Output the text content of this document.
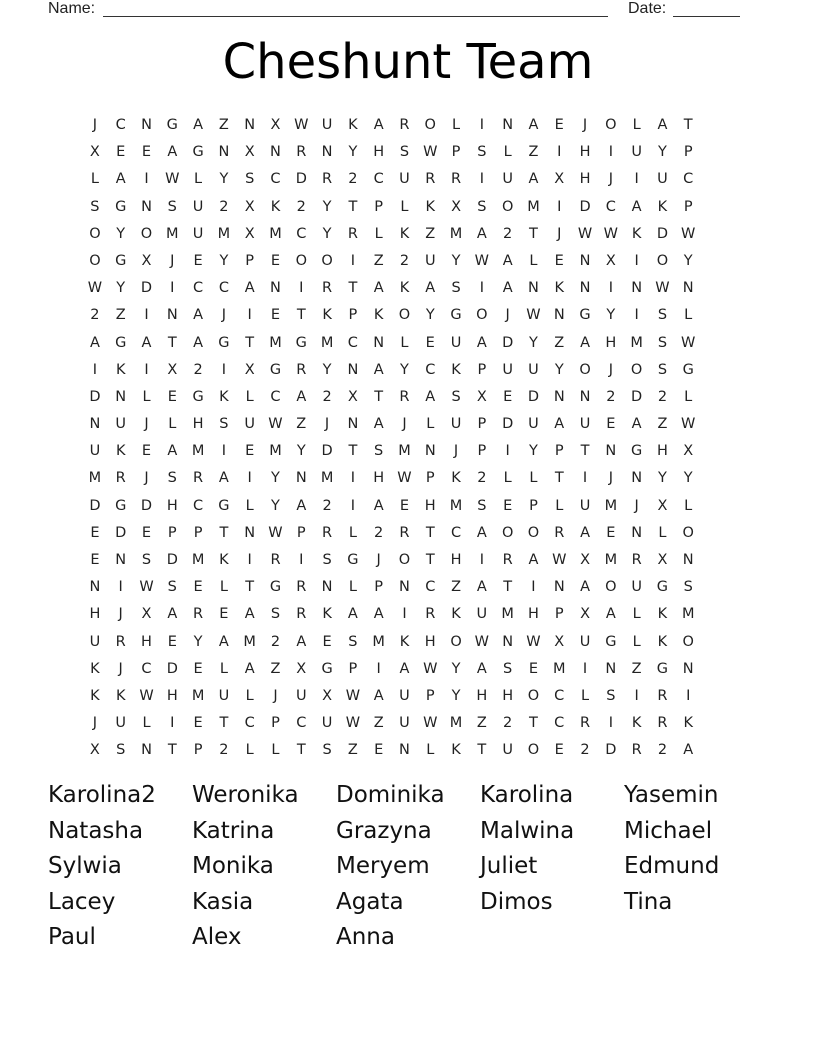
Name:	Date:
Cheshunt Team
J	C	N	G	A	Z	N	X W U	K	A	R	O	L	I	N	A	E	J	O	L	A	T
X	E	E	A	G	N	X	N	R	N	Y	H	S W P	S	L	Z	I	H	I	U	Y	P
L	A	I	W	L	Y	S	C	D	R	2	C	U	R	R	I	U	A	X	H	J	I	U	C
S	G	N	S	U	2	X	K	2	Y	T	P	L	K	X	S	O M	I	D	C	A	K	P
O	Y	O M U M	X	M C	Y	R	L	K	Z	M	A	2	T	J	W W K	D W
O G	X	J	E	Y	P	E	O O	I	Z	2	U	Y W A	L	E	N	X	I	O	Y
W Y	D	I	C	C	A	N	I	R	T	A	K	A	S	I	A	N	K	N	I	N W N
2	Z	I	N	A	J	I	E	T	K	P	K	O	Y	G O	J	W N	G	Y	I	S	L
A	G	A	T	A	G	T	M G M C	N	L	E	U	A	D	Y	Z	A	H M	S W
I	K	I	X	2	I	X	G	R	Y	N	A	Y	C	K	P	U	U	Y	O	J	O	S	G
D	N	L	E	G	K	L	C	A	2	X	T	R	A	S	X	E	D	N	N	2	D	2	L
N	U	J	L	H	S	U W Z	J	N	A	J	L	U	P	D	U	A	U	E	A	Z W
U	K	E	A	M	I	E	M	Y	D	T	S	M N	J	P	I	Y	P	T	N	G	H	X
M	R	J	S	R	A	I	Y	N M	I	H W P	K	2	L	L	T	I	J	N	Y	Y
D	G	D	H	C	G	L	Y	A	2	I	A	E	H M	S	E	P	L	U M	J	X	L
E	D	E	P	P	T	N W P	R	L	2	R	T	C	A	O O	R	A	E	N	L	O
E	N	S	D M	K	I	R	I	S	G	J	O	T	H	I	R	A W X	M	R	X	N
N	I	W S	E	L	T	G	R	N	L	P	N	C	Z	A	T	I	N	A	O	U	G	S
H	J	X	A	R	E	A	S	R	K	A	A	I	R	K	U M H	P	X	A	L	K	M
U	R	H	E	Y	A	M	2	A	E	S	M	K	H	O W N W X	U	G	L	K	O
K	J	C	D	E	L	A	Z	X	G	P	I	A W Y	A	S	E	M	I	N	Z	G	N
K	K W H M U	L	J	U	X W A	U	P	Y	H	H	O	C	L	S	I	R	I
J	U	L	I	E	T	C	P	C	U W Z	U W M	Z	2	T	C	R	I	K	R	K
X	S	N	T	P	2	L	L	T	S	Z	E	N	L	K	T	U	O	E	2	D	R	2	A
Karolina2 Weronika Dominika Karolina Yasemin
Natasha Katrina	Grazyna Malwina Michael
Sylwia	Monika	Meryem Juliet	Edmund
Lacey	Kasia	Agata	Dimos	Tina
Paul	Alex	Anna
